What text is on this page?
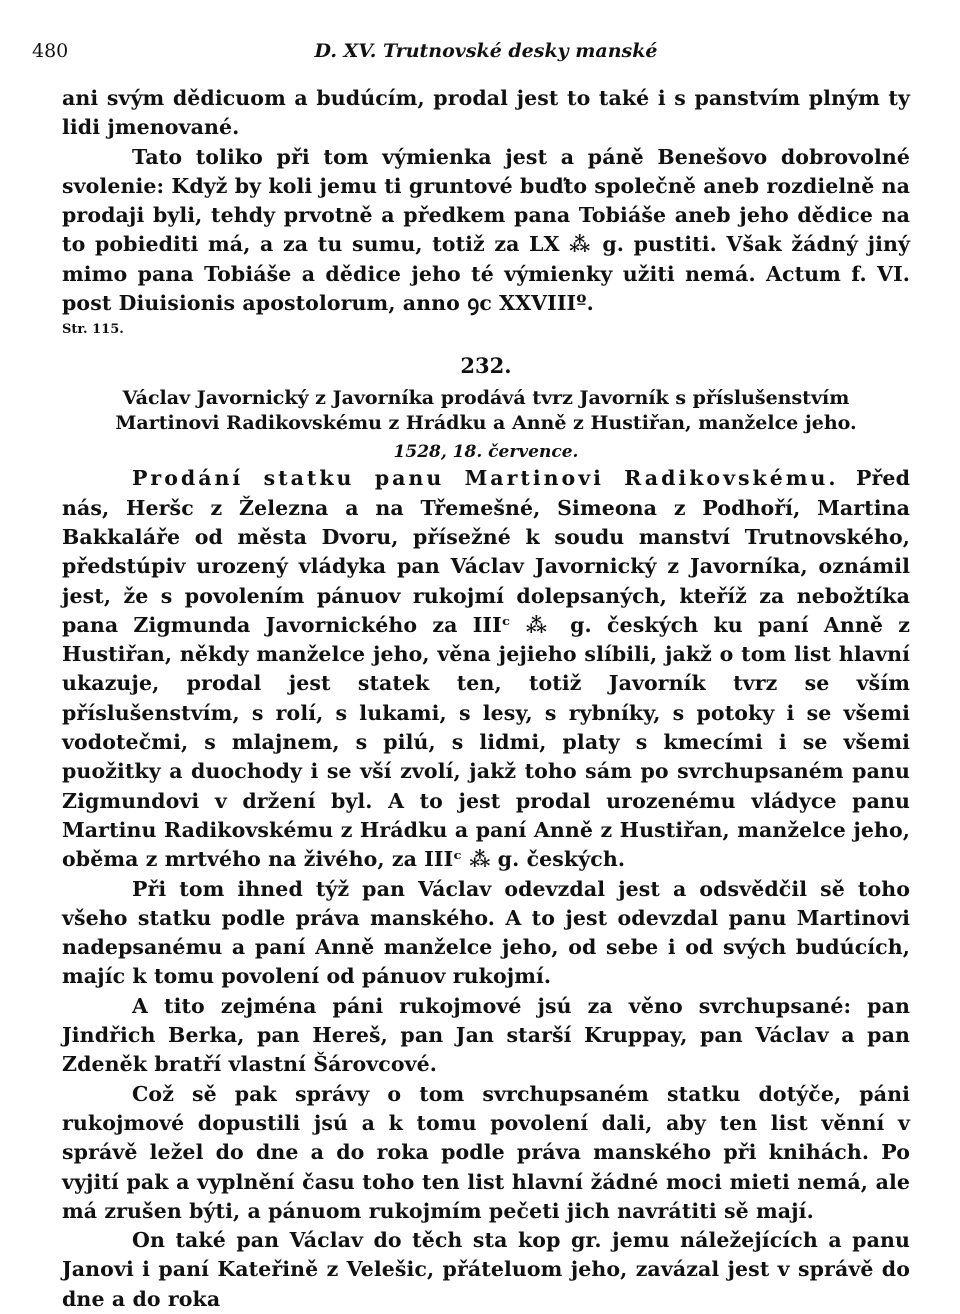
480	D. XV. Trutnovské desky manské

ani svým dědicuom a budúcím, prodal jest to také i s panstvím plným ty lidi jmenované.

Tato toliko při tom výmienka jest a páně Benešovo dobrovolné svolenie: Když by koli jemu ti gruntové buďto společně aneb rozdielně na prodaji byli, tehdy prvotně a předkem pana Tobiáše aneb jeho dědice na to pobiediti má, a za tu sumu, totiž za LX ⁂ g. pustiti. Však žádný jiný mimo pana Tobiáše a dědice jeho té výmienky užiti nemá. Actum f. VI. post Diuisionis apostolorum, anno ꝯc XXVIIIº.

Str. 115.
232.
Václav Javornický z Javorníka prodává tvrz Javorník s příslušenstvím Martinovi Radikovskému z Hrádku a Anně z Hustiřan, manželce jeho.
1528, 18. července.

Prodání statku panu Martinovi Radikovskému. Před nás, Heršc z Železna a na Třemešné, Simeona z Podhoří, Martina Bakkaláře od města Dvoru, přísežné k soudu manství Trutnovského, předstúpiv urozený vládyka pan Václav Javornický z Javorníka, oznámil jest, že s povolením pánuov rukojmí dolepsaných, kteříž za nebožtíka pana Zigmunda Javornického za IIIᶜ ⁂ g. českých ku paní Anně z Hustiřan, někdy manželce jeho, věna jejieho slíbili, jakž o tom list hlavní ukazuje, prodal jest statek ten, totiž Javorník tvrz se vším příslušenstvím, s rolí, s lukami, s lesy, s rybníky, s potoky i se všemi vodotečmi, s mlajnem, s pilú, s lidmi, platy s kmecími i se všemi puožitky a duochody i se vší zvolí, jakž toho sám po svrchupsaném panu Zigmundovi v držení byl. A to jest prodal urozenému vládyce panu Martinu Radikovskému z Hrádku a paní Anně z Hustiřan, manželce jeho, oběma z mrtvého na živého, za IIIᶜ ⁂ g. českých.

Při tom ihned týž pan Václav odevzdal jest a odsvědčil sě toho všeho statku podle práva manského. A to jest odevzdal panu Martinovi nadepsanému a paní Anně manželce jeho, od sebe i od svých budúcích, majíc k tomu povolení od pánuov rukojmí.

A tito zejména páni rukojmové jsú za věno svrchupsané: pan Jindřich Berka, pan Hereš, pan Jan starší Kruppay, pan Václav a pan Zdeněk bratří vlastní Šárovcové.

Což sě pak správy o tom svrchupsaném statku dotýče, páni rukojmové dopustili jsú a k tomu povolení dali, aby ten list věnní v správě ležel do dne a do roka podle práva manského při knihách. Po vyjití pak a vyplnění času toho ten list hlavní žádné moci mieti nemá, ale má zrušen býti, a pánuom rukojmím pečeti jich navrátiti sě mají.

On také pan Václav do těch sta kop gr. jemu náležejících a panu Janovi i paní Kateřině z Velešic, přáteluom jeho, zavázal jest v správě do dne a do roka
